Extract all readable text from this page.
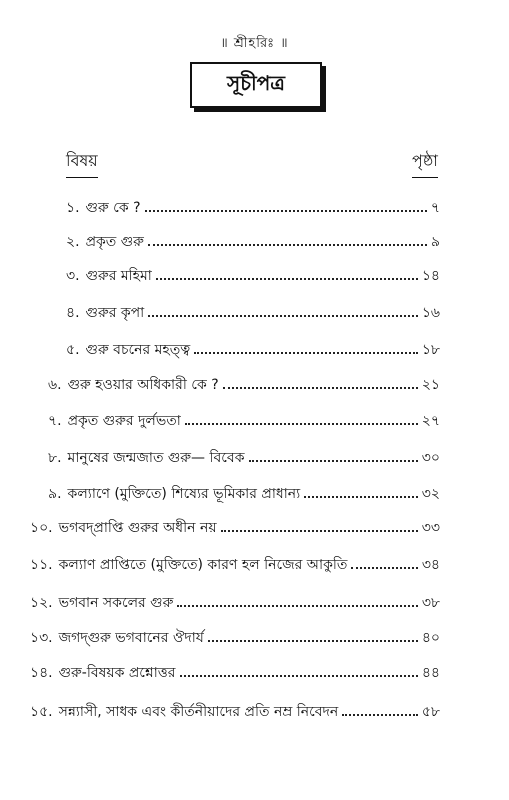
॥ শ্রীহরিঃ ॥
সূচীপত্র
বিষয়	পৃষ্ঠা
১. গুরু কে ?	৭
২. প্রকৃত গুরু	৯
৩. গুরুর মহিমা	১৪
৪. গুরুর কৃপা	১৬
৫. গুরু বচনের মহত্ত্ব	১৮
৬. গুরু হওয়ার অধিকারী কে ?	২১
৭. প্রকৃত গুরুর দুর্লভতা	২৭
৮. মানুষের জন্মজাত গুরু— বিবেক	৩০
৯. কল্যাণে (মুক্তিতে) শিষ্যের ভূমিকার প্রাধান্য	৩২
১০. ভগবদ্প্রাপ্তি গুরুর অধীন নয়	৩৩
১১. কল্যাণ প্রাপ্তিতে (মুক্তিতে) কারণ হল নিজের আকুতি	৩৪
১২. ভগবান সকলের গুরু	৩৮
১৩. জগদ্‌গুরু ভগবানের ঔদার্য	৪০
১৪. গুরু-বিষয়ক প্রশ্নোত্তর	৪৪
১৫. সন্ন্যাসী, সাধক এবং কীর্তনীয়াদের প্রতি নম্র নিবেদন	৫৮
